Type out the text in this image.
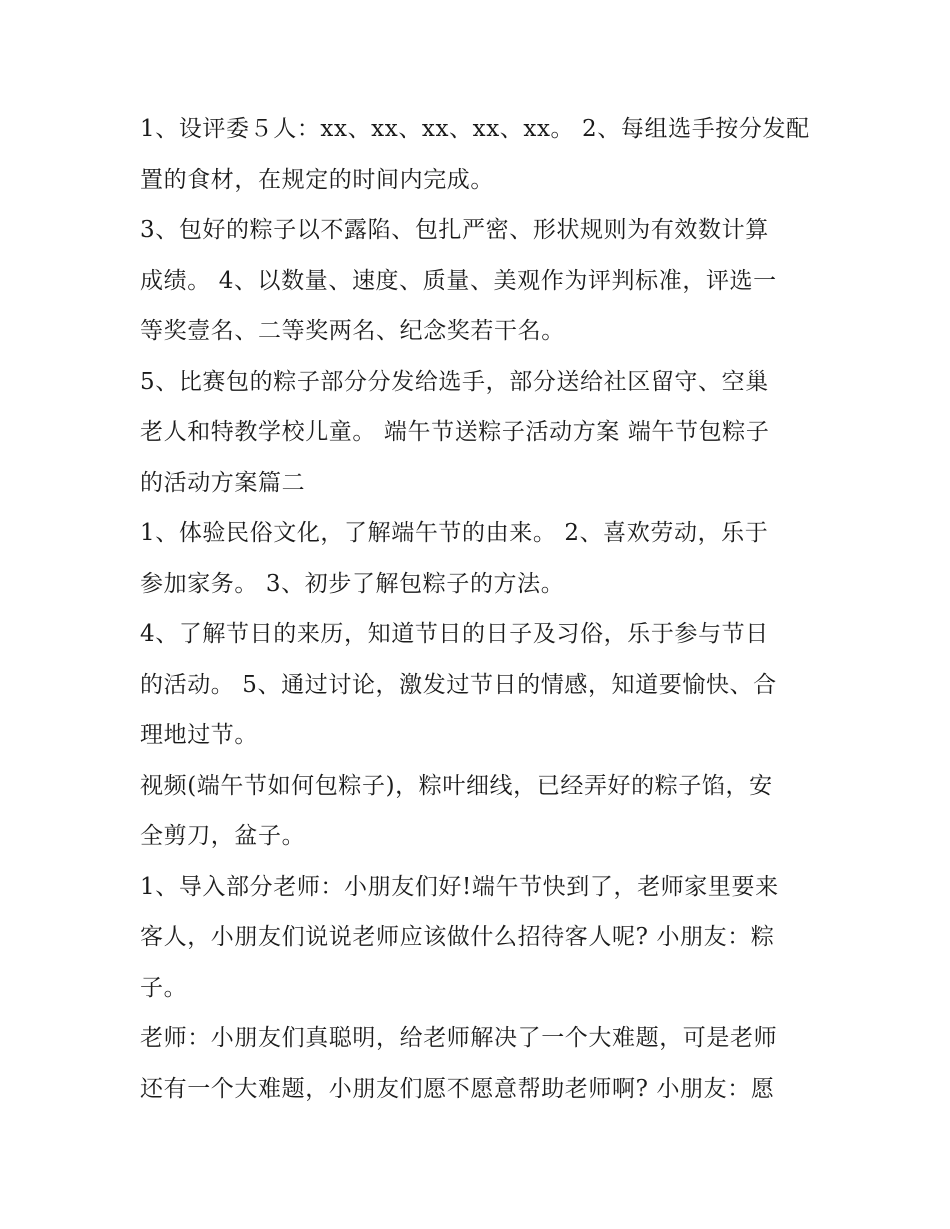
1、设评委５人：xx、xx、xx、xx、xx。 2、每组选手按分发配
置的食材，在规定的时间内完成。
3、包好的粽子以不露陷、包扎严密、形状规则为有效数计算
成绩。 4、以数量、速度、质量、美观作为评判标准，评选一
等奖壹名、二等奖两名、纪念奖若干名。
5、比赛包的粽子部分分发给选手，部分送给社区留守、空巢
老人和特教学校儿童。 端午节送粽子活动方案 端午节包粽子
的活动方案篇二
1、体验民俗文化，了解端午节的由来。 2、喜欢劳动，乐于
参加家务。 3、初步了解包粽子的方法。
4、了解节日的来历，知道节日的日子及习俗，乐于参与节日
的活动。 5、通过讨论，激发过节日的情感，知道要愉快、合
理地过节。
视频(端午节如何包粽子)，粽叶细线，已经弄好的粽子馅，安
全剪刀，盆子。
1、导入部分老师：小朋友们好!端午节快到了，老师家里要来
客人，小朋友们说说老师应该做什么招待客人呢? 小朋友：粽
子。
老师：小朋友们真聪明，给老师解决了一个大难题，可是老师
还有一个大难题，小朋友们愿不愿意帮助老师啊? 小朋友：愿
